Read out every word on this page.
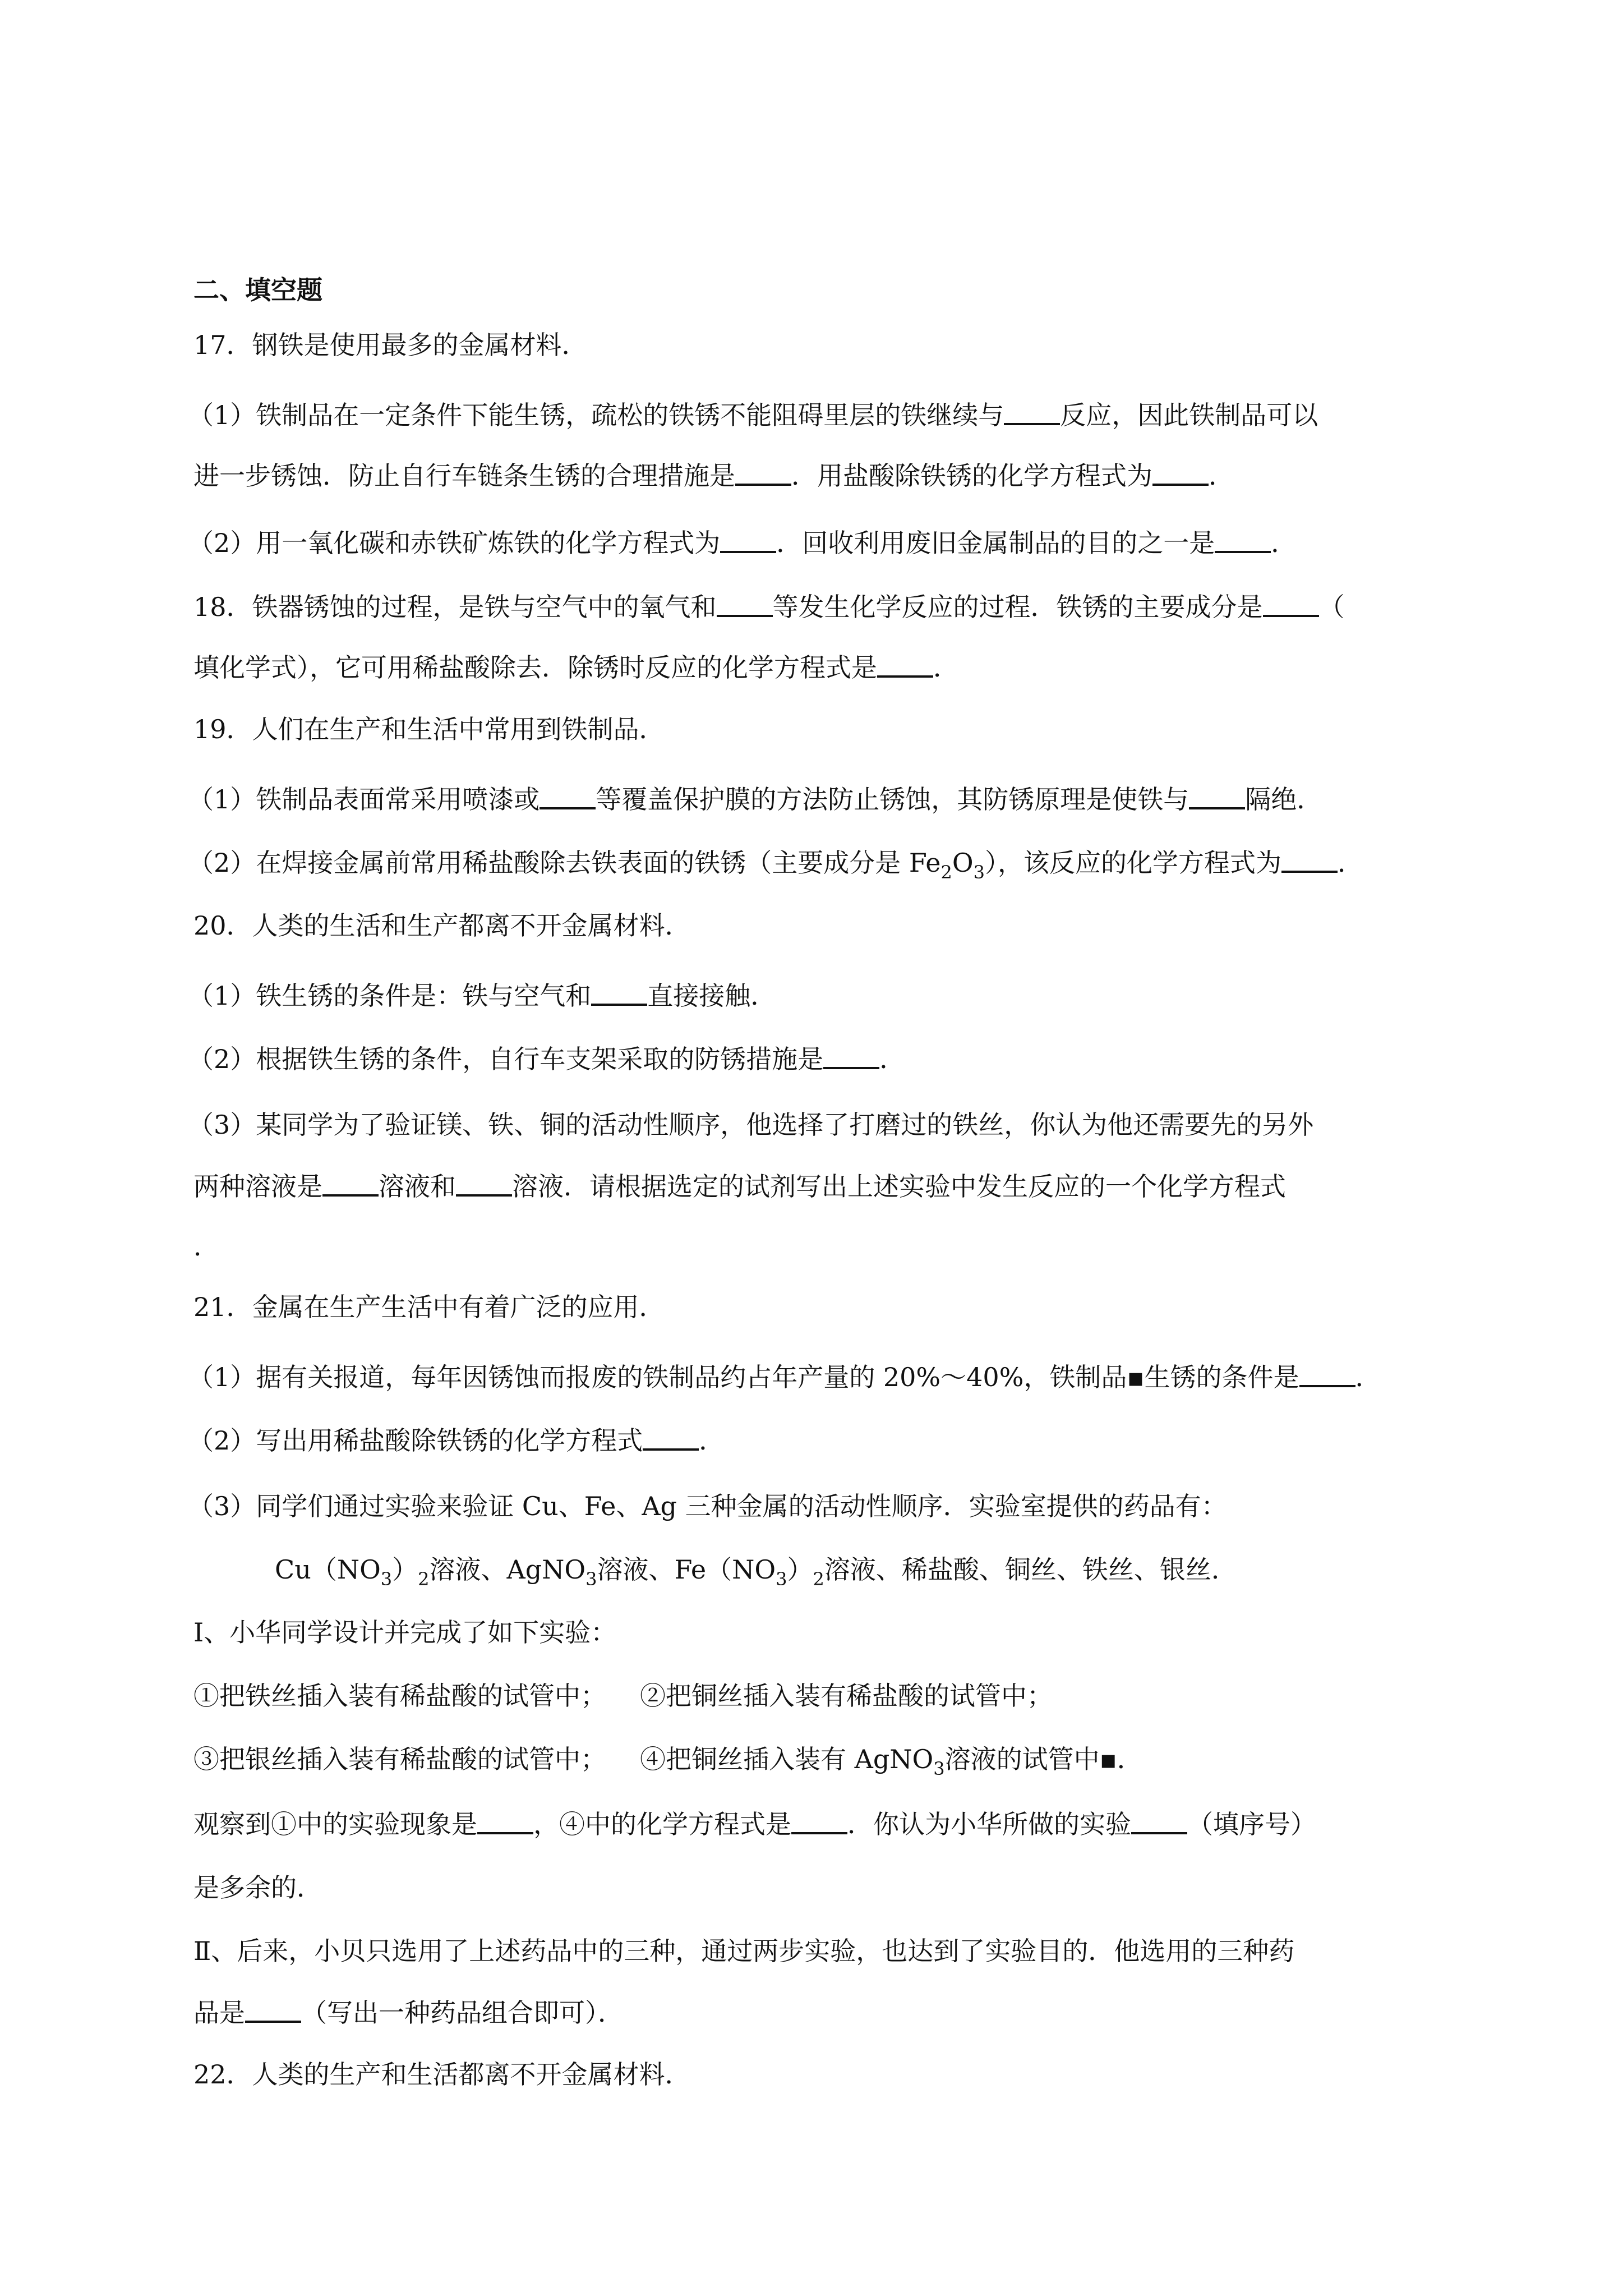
二、填空题
17．钢铁是使用最多的金属材料．
（1）铁制品在一定条件下能生锈，疏松的铁锈不能阻碍里层的铁继续与 反应，因此铁制品可以
进一步锈蚀．防止自行车链条生锈的合理措施是 ．用盐酸除铁锈的化学方程式为 ．
（2）用一氧化碳和赤铁矿炼铁的化学方程式为 ．回收利用废旧金属制品的目的之一是 ．
18．铁器锈蚀的过程，是铁与空气中的氧气和 等发生化学反应的过程．铁锈的主要成分是 （
填化学式），它可用稀盐酸除去．除锈时反应的化学方程式是 ．
19．人们在生产和生活中常用到铁制品．
（1）铁制品表面常采用喷漆或 等覆盖保护膜的方法防止锈蚀，其防锈原理是使铁与 隔绝．
（2）在焊接金属前常用稀盐酸除去铁表面的铁锈（主要成分是 $Fe_2O_3$），该反应的化学方程式为 ．
20．人类的生活和生产都离不开金属材料．
（1）铁生锈的条件是：铁与空气和 直接接触．
（2）根据铁生锈的条件，自行车支架采取的防锈措施是 ．
（3）某同学为了验证镁、铁、铜的活动性顺序，他选择了打磨过的铁丝，你认为他还需要先的另外
两种溶液是 溶液和 溶液．请根据选定的试剂写出上述实验中发生反应的一个化学方程式
．
21．金属在生产生活中有着广泛的应用．
（1）据有关报道，每年因锈蚀而报废的铁制品约占年产量的 20%～40%，铁制品▪生锈的条件是 ．
（2）写出用稀盐酸除铁锈的化学方程式 ．
（3）同学们通过实验来验证 Cu、Fe、Ag 三种金属的活动性顺序．实验室提供的药品有：
$Cu(NO_3)_2$溶液、AgNO$_3$溶液、$Fe(NO_3)_2$溶液、稀盐酸、铜丝、铁丝、银丝．
Ⅰ、小华同学设计并完成了如下实验：
①把铁丝插入装有稀盐酸的试管中； ②把铜丝插入装有稀盐酸的试管中；
③把银丝插入装有稀盐酸的试管中； ④把铜丝插入装有 AgNO$_3$溶液的试管中▪．
观察到①中的实验现象是 ，④中的化学方程式是 ．你认为小华所做的实验 （填序号）
是多余的．
Ⅱ、后来，小贝只选用了上述药品中的三种，通过两步实验，也达到了实验目的．他选用的三种药
品是 （写出一种药品组合即可）．
22．人类的生产和生活都离不开金属材料．
